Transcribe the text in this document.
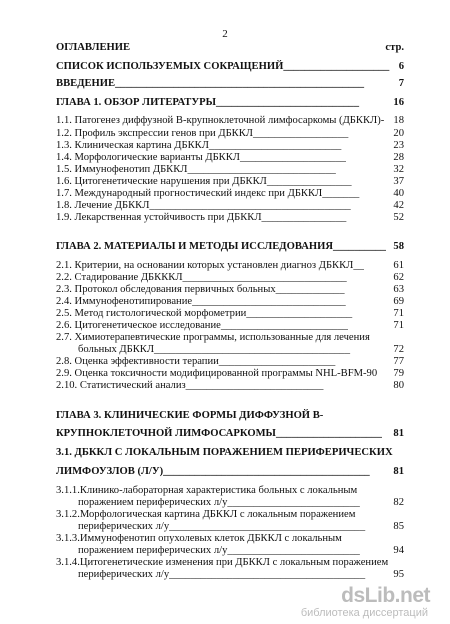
2
ОГЛАВЛЕНИЕ	стр.
СПИСОК ИСПОЛЬЗУЕМЫХ СОКРАЩЕНИЙ____________________ 6
ВВЕДЕНИЕ_______________________________________________	7
ГЛАВА 1. ОБЗОР ЛИТЕРАТУРЫ___________________________	16
1.1. Патогенез диффузной В-крупноклеточной лимфосаркомы (ДБККЛ)- 18
1.2. Профиль экспрессии генов при ДБККЛ__________________	20
1.3. Клиническая картина ДБККЛ_________________________	23
1.4. Морфологические варианты ДБККЛ____________________	28
1.5. Иммунофенотип ДБККЛ____________________________	32
1.6. Цитогенетические нарушения при ДБККЛ________________	37
1.7. Международный прогностический индекс при ДБККЛ_______	40
1.8. Лечение ДБККЛ______________________________________	42
1.9. Лекарственная устойчивость при ДБККЛ________________	52
ГЛАВА 2. МАТЕРИАЛЫ И МЕТОДЫ ИССЛЕДОВАНИЯ__________ 58
2.1. Критерии, на основании которых установлен диагноз ДБККЛ__	61
2.2. Стадирование ДБКККЛ_______________________________	62
2.3. Протокол обследования первичных больных_____________	63
2.4. Иммунофенотипирование_____________________________	69
2.5. Метод гистологической морфометрии____________________	71
2.6. Цитогенетическое исследование________________________	71
2.7. Химиотерапевтические программы, использованные для лечения
больных ДБККЛ_____________________________________	72
2.8. Оценка эффективности терапии______________________	77
2.9. Оценка токсичности модифицированной программы NHL-BFM-90 79
2.10. Статистический анализ__________________________	80
ГЛАВА 3. КЛИНИЧЕСКИЕ ФОРМЫ ДИФФУЗНОЙ В-
КРУПНОКЛЕТОЧНОЙ ЛИМФОСАРКОМЫ____________________ 81
3.1. ДБККЛ С ЛОКАЛЬНЫМ ПОРАЖЕНИЕМ ПЕРИФЕРИЧЕСКИХ
ЛИМФОУЗЛОВ (Л/У)_______________________________________ 81
3.1.1.Клинико-лабораторная характеристика больных с локальным
поражением периферических л/у_________________________	82
3.1.2.Морфологическая картина ДБККЛ с локальным поражением
периферических л/у_____________________________________	85
3.1.3.Иммунофенотип опухолевых клеток ДБККЛ с локальным
поражением периферических л/у_________________________	94
3.1.4.Цитогенетические изменения при ДБККЛ с локальным поражением
периферических л/у_____________________________________	95
dsLib.net
библиотека диссертаций
